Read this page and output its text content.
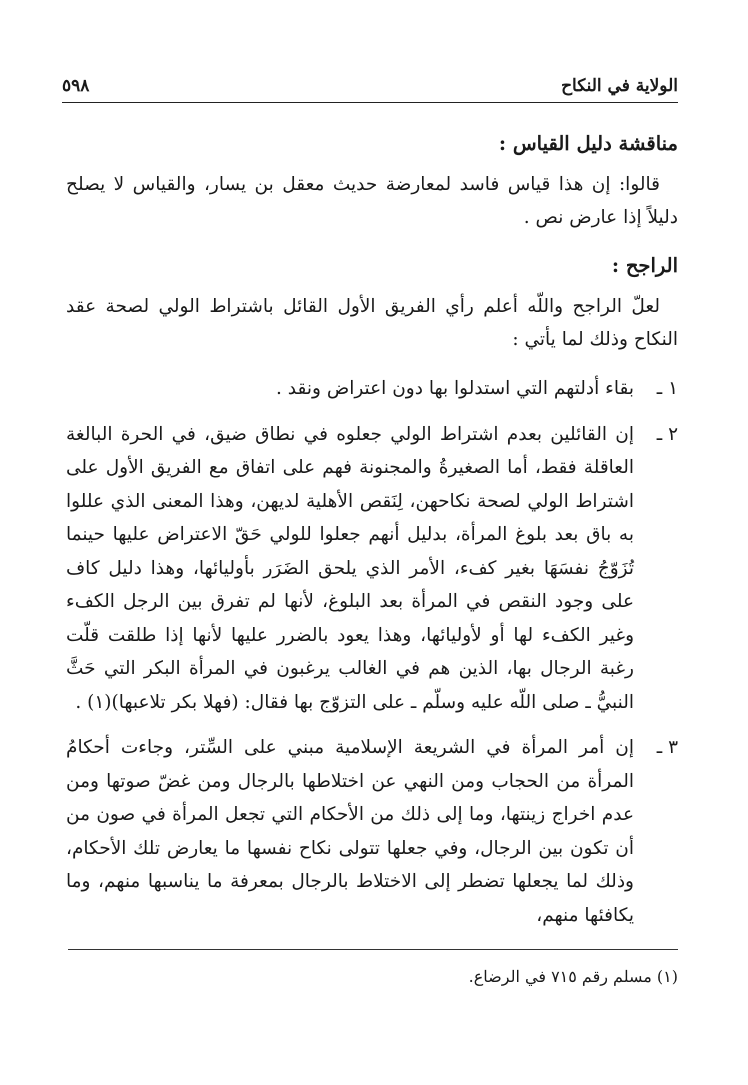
الولاية في النكاح
٥٩٨
مناقشة دليل القياس :

قالوا: إن هذا قياس فاسد لمعارضة حديث معقل بن يسار، والقياس لا يصلح دليلاً إذا عارض نص .

الراجح :

لعلّ الراجح واللّه أعلم رأي الفريق الأول القائل باشتراط الولي لصحة عقد النكاح وذلك لما يأتي :

١ ـ
بقاء أدلتهم التي استدلوا بها دون اعتراض ونقد .
٢ ـ
إن القائلين بعدم اشتراط الولي جعلوه في نطاق ضيق، في الحرة البالغة العاقلة فقط، أما الصغيرةُ والمجنونة فهم على اتفاق مع الفريق الأول على اشتراط الولي لصحة نكاحهن، لِنَقص الأهلية لديهن، وهذا المعنى الذي عللوا به باق بعد بلوغ المرأة، بدليل أنهم جعلوا للولي حَقّ الاعتراض عليها حينما تُزَوّجُ نفسَهَا بغير كفء، الأمر الذي يلحق الضَرَر بأوليائها، وهذا دليل كاف على وجود النقص في المرأة بعد البلوغ، لأنها لم تفرق بين الرجل الكفء وغير الكفء لها أو لأوليائها، وهذا يعود بالضرر عليها لأنها إذا طلقت قلّت رغبة الرجال بها، الذين هم في الغالب يرغبون في المرأة البكر التي حَثَّ النبيُّ ـ صلى اللّه عليه وسلّم ـ على التزوّج بها فقال: (فهلا بكر تلاعبها)(١) .
٣ ـ
إن أمر المرأة في الشريعة الإسلامية مبني على السِّتر، وجاءت أحكامُ المرأة من الحجاب ومن النهي عن اختلاطها بالرجال ومن غضّ صوتها ومن عدم اخراج زينتها، وما إلى ذلك من الأحكام التي تجعل المرأة في صون من أن تكون بين الرجال، وفي جعلها تتولى نكاح نفسها ما يعارض تلك الأحكام، وذلك لما يجعلها تضطر إلى الاختلاط بالرجال بمعرفة ما يناسبها منهم، وما يكافئها منهم،
(١) مسلم رقم ٧١٥ في الرضاع.
